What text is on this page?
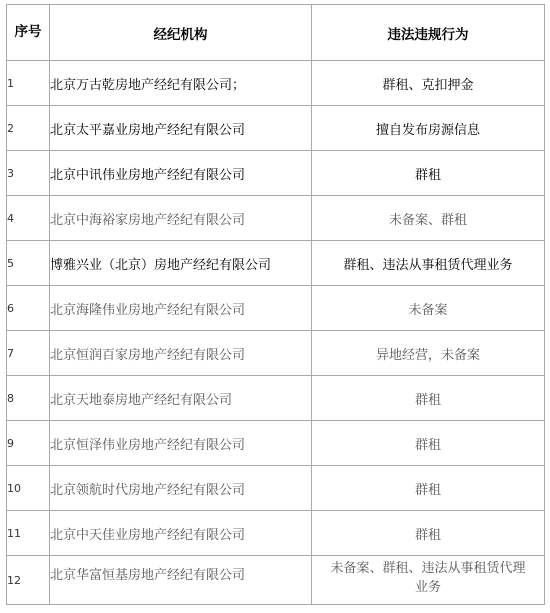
序号	经纪机构	违法违规行为
1	北京万古乾房地产经纪有限公司；	群租、克扣押金
2	北京太平嘉业房地产经纪有限公司	擅自发布房源信息
3	北京中讯伟业房地产经纪有限公司	群租
4	北京中海裕家房地产经纪有限公司	未备案、群租
5	博雅兴业（北京）房地产经纪有限公司	群租、违法从事租赁代理业务
6	北京海隆伟业房地产经纪有限公司	未备案
7	北京恒润百家房地产经纪有限公司	异地经营，未备案
8	北京天地泰房地产经纪有限公司	群租
9	北京恒泽伟业房地产经纪有限公司	群租
10	北京领航时代房地产经纪有限公司	群租
11	北京中天佳业房地产经纪有限公司	群租
12	北京华富恒基房地产经纪有限公司	未备案、群租、违法从事租赁代理业务
